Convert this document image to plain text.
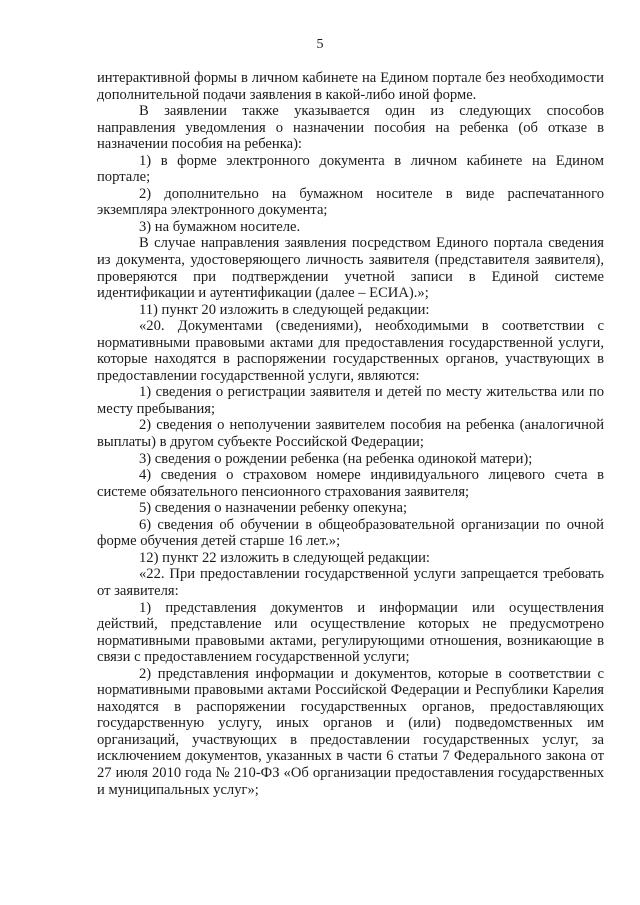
5

интерактивной формы в личном кабинете на Едином портале без необходимости дополнительной подачи заявления в какой-либо иной форме.

В заявлении также указывается один из следующих способов направления уведомления о назначении пособия на ребенка (об отказе в назначении пособия на ребенка):

1) в форме электронного документа в личном кабинете на Едином портале;

2) дополнительно на бумажном носителе в виде распечатанного экземпляра электронного документа;

3) на бумажном носителе.

В случае направления заявления посредством Единого портала сведения из документа, удостоверяющего личность заявителя (представителя заявителя), проверяются при подтверждении учетной записи в Единой системе идентификации и аутентификации (далее – ЕСИА).»;

11) пункт 20 изложить в следующей редакции:

«20. Документами (сведениями), необходимыми в соответствии с нормативными правовыми актами для предоставления государственной услуги, которые находятся в распоряжении государственных органов, участвующих в предоставлении государственной услуги, являются:

1) сведения о регистрации заявителя и детей по месту жительства или по месту пребывания;

2) сведения о неполучении заявителем пособия на ребенка (аналогичной выплаты) в другом субъекте Российской Федерации;

3) сведения о рождении ребенка (на ребенка одинокой матери);

4) сведения о страховом номере индивидуального лицевого счета в системе обязательного пенсионного страхования заявителя;

5) сведения о назначении ребенку опекуна;

6) сведения об обучении в общеобразовательной организации по очной форме обучения детей старше 16 лет.»;

12) пункт 22 изложить в следующей редакции:

«22. При предоставлении государственной услуги запрещается требовать от заявителя:

1) представления документов и информации или осуществления действий, представление или осуществление которых не предусмотрено нормативными правовыми актами, регулирующими отношения, возникающие в связи с предоставлением государственной услуги;

2) представления информации и документов, которые в соответствии с нормативными правовыми актами Российской Федерации и Республики Карелия находятся в распоряжении государственных органов, предоставляющих государственную услугу, иных органов и (или) подведомственных им организаций, участвующих в предоставлении государственных услуг, за исключением документов, указанных в части 6 статьи 7 Федерального закона от 27 июля 2010 года № 210-ФЗ «Об организации предоставления государственных и муниципальных услуг»;
